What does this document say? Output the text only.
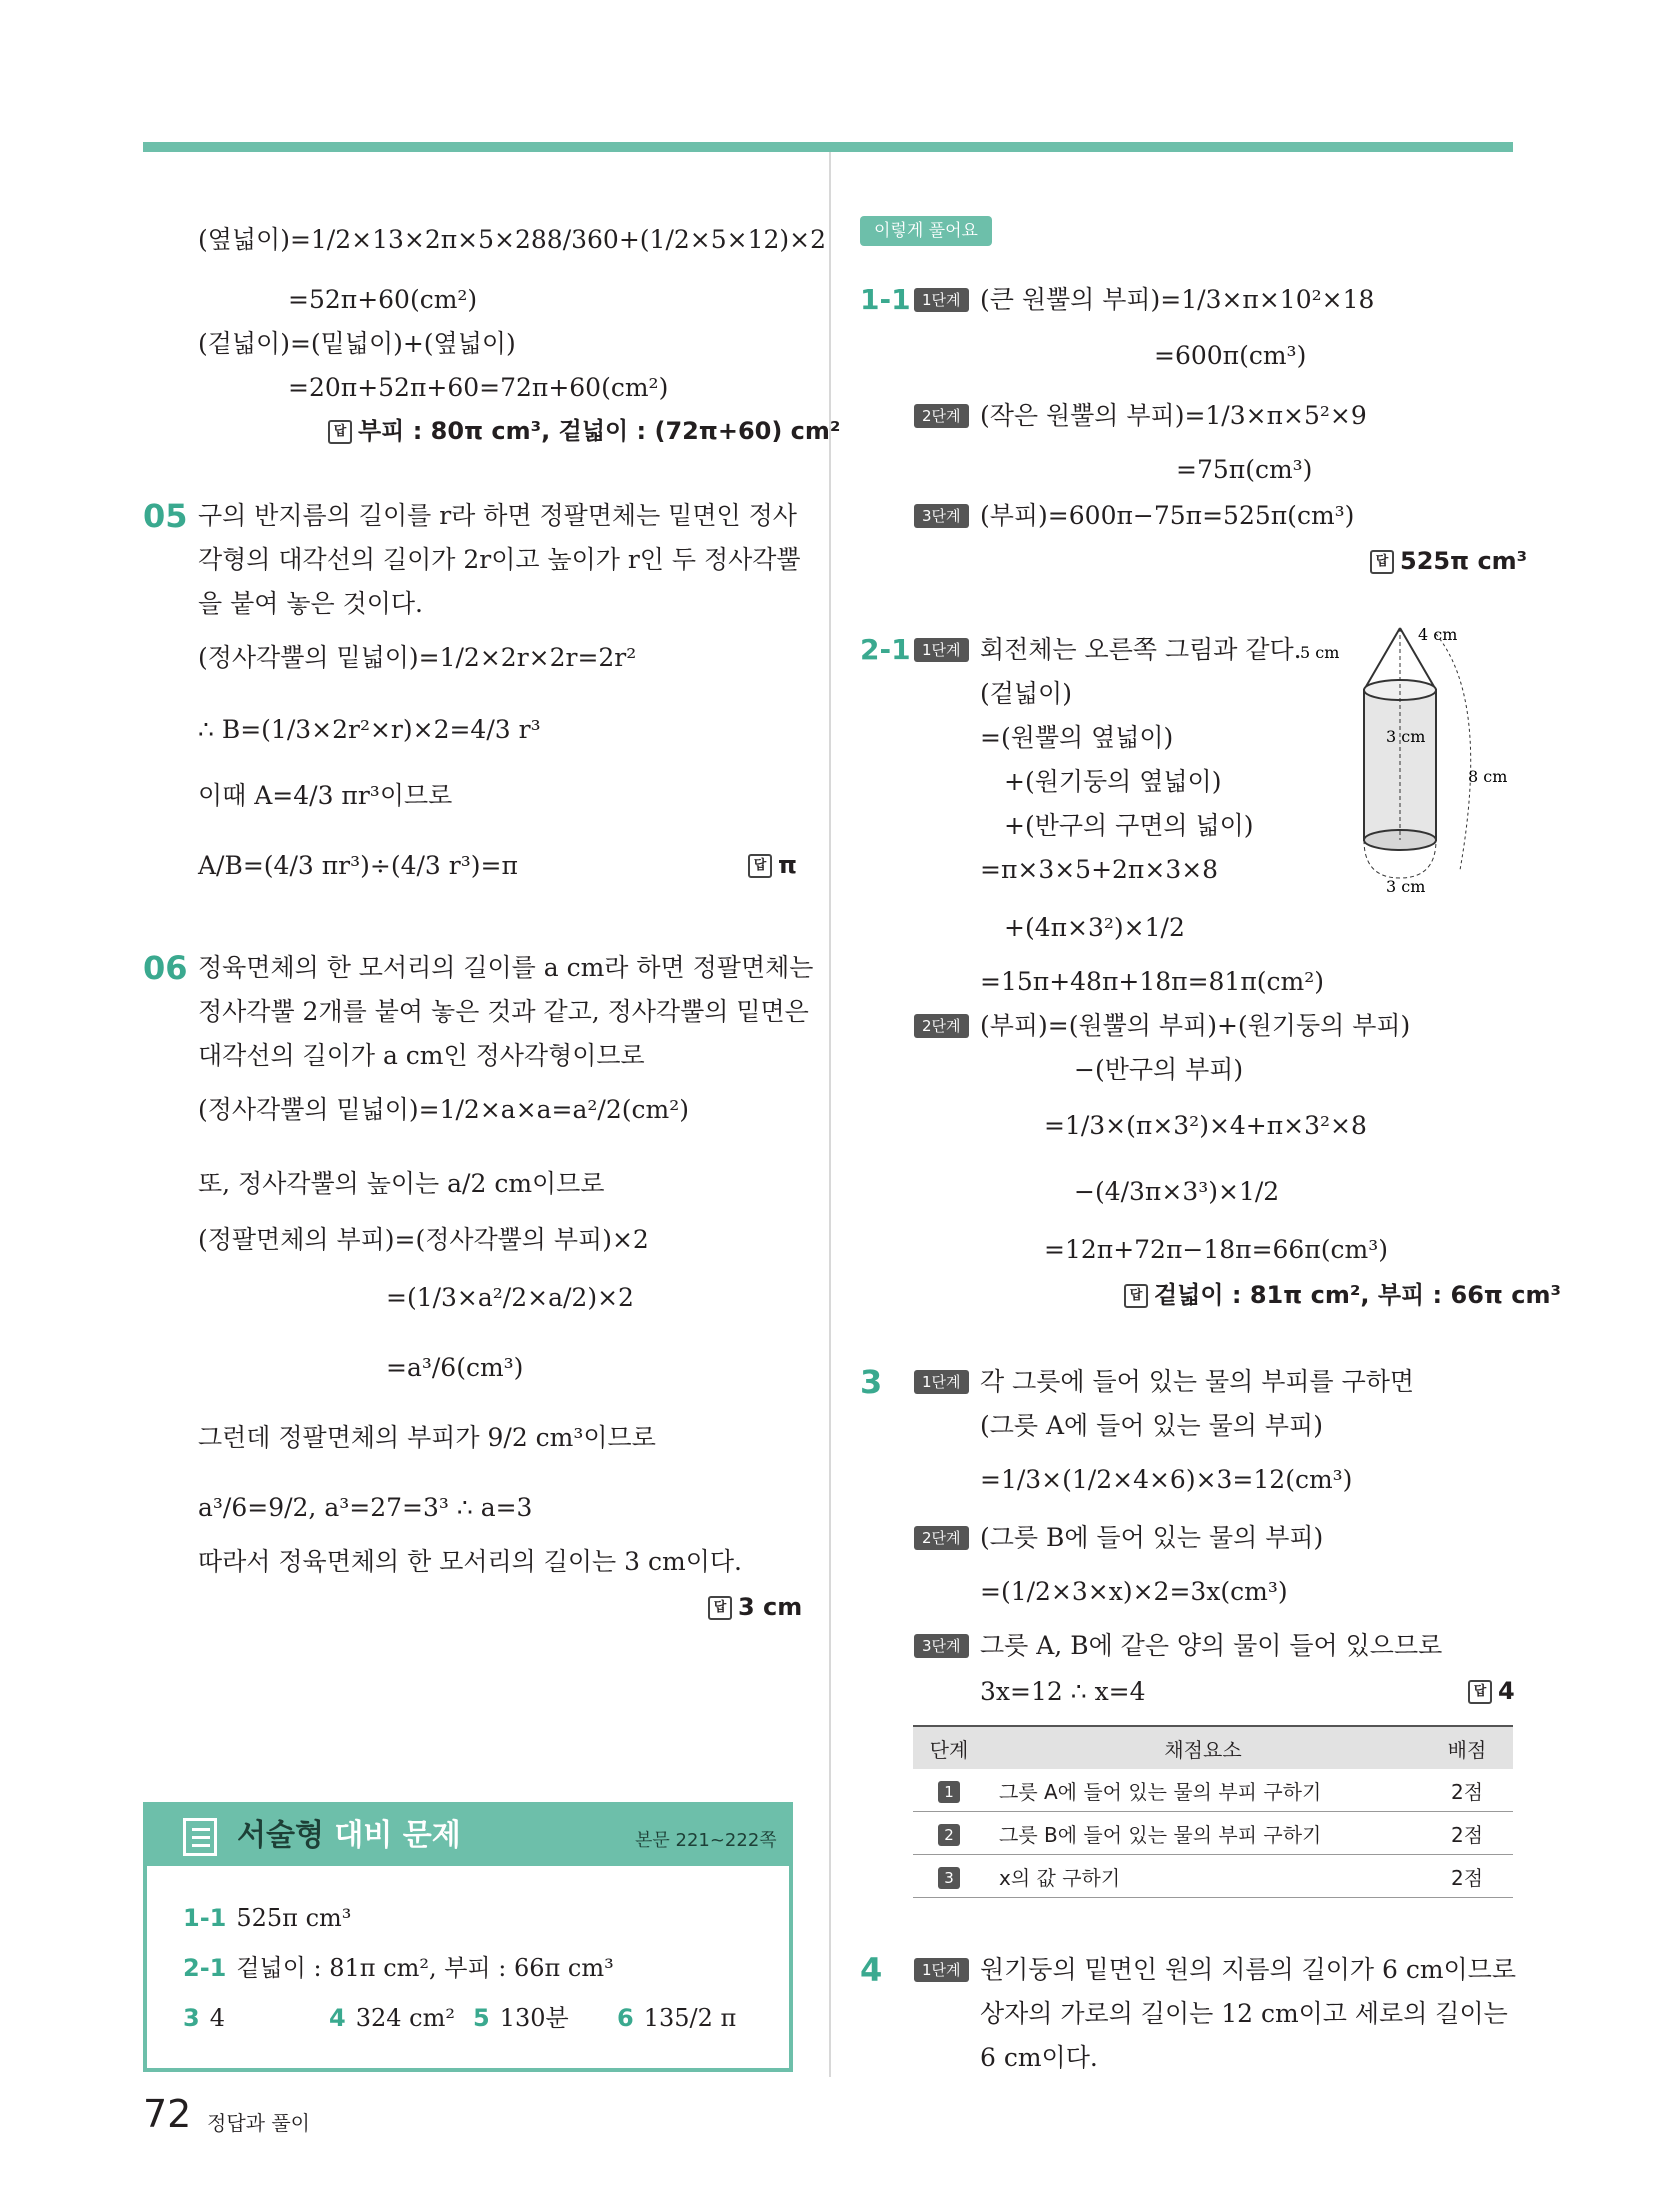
(옆넓이)=1/2×13×2π×5×288/360+(1/2×5×12)×2
=52π+60(cm²)
(겉넓이)=(밑넓이)+(옆넓이)
=20π+52π+60=72π+60(cm²)
답 부피 : 80π cm³, 겉넓이 : (72π+60) cm²
05 구의 반지름의 길이를 r라 하면 정팔면체는 밑면인 정사
각형의 대각선의 길이가 2r이고 높이가 r인 두 정사각뿔
을 붙여 놓은 것이다.
(정사각뿔의 밑넓이)=1/2×2r×2r=2r²
∴ B=(1/3×2r²×r)×2=4/3 r³
이때 A=4/3 πr³이므로
A/B=(4/3 πr³)÷(4/3 r³)=π	답 π
06 정육면체의 한 모서리의 길이를 a cm라 하면 정팔면체는
정사각뿔 2개를 붙여 놓은 것과 같고, 정사각뿔의 밑면은
대각선의 길이가 a cm인 정사각형이므로
(정사각뿔의 밑넓이)=1/2×a×a=a²/2(cm²)
또, 정사각뿔의 높이는 a/2 cm이므로
(정팔면체의 부피)=(정사각뿔의 부피)×2
=(1/3×a²/2×a/2)×2
=a³/6(cm³)
그런데 정팔면체의 부피가 9/2 cm³이므로
a³/6=9/2, a³=27=3³ ∴ a=3
따라서 정육면체의 한 모서리의 길이는 3 cm이다.
답 3 cm
서술형 대비 문제	본문 221~222쪽
1-1 525π cm³
2-1 겉넓이 : 81π cm², 부피 : 66π cm³
3 4	4 324 cm² 5 130분 6 135/2 π
이렇게 풀어요
1-1 1단계 (큰 원뿔의 부피)=1/3×π×10²×18
=600π(cm³)
2단계 (작은 원뿔의 부피)=1/3×π×5²×9
=75π(cm³)
3단계 (부피)=600π−75π=525π(cm³)
답 525π cm³
2-1 1단계 회전체는 오른쪽 그림과 같다.
(겉넓이)
=(원뿔의 옆넓이)
+(원기둥의 옆넓이)
+(반구의 구면의 넓이)
=π×3×5+2π×3×8
+(4π×3²)×1/2
=15π+48π+18π=81π(cm²)
2단계 (부피)=(원뿔의 부피)+(원기둥의 부피)
−(반구의 부피)
=1/3×(π×3²)×4+π×3²×8
−(4/3π×3³)×1/2
=12π+72π−18π=66π(cm³)
답 겉넓이 : 81π cm², 부피 : 66π cm³
5 cm
4 cm
3 cm
8 cm
3 cm
3	1단계 각 그릇에 들어 있는 물의 부피를 구하면
(그릇 A에 들어 있는 물의 부피)
=1/3×(1/2×4×6)×3=12(cm³)
2단계 (그릇 B에 들어 있는 물의 부피)
=(1/2×3×x)×2=3x(cm³)
3단계 그릇 A, B에 같은 양의 물이 들어 있으므로
3x=12 ∴ x=4	답 4
단계	채점요소	배점
1	그릇 A에 들어 있는 물의 부피 구하기	2점
2	그릇 B에 들어 있는 물의 부피 구하기	2점
3	x의 값 구하기	2점
4	1단계 원기둥의 밑면인 원의 지름의 길이가 6 cm이므로
상자의 가로의 길이는 12 cm이고 세로의 길이는
6 cm이다.
72 정답과 풀이
